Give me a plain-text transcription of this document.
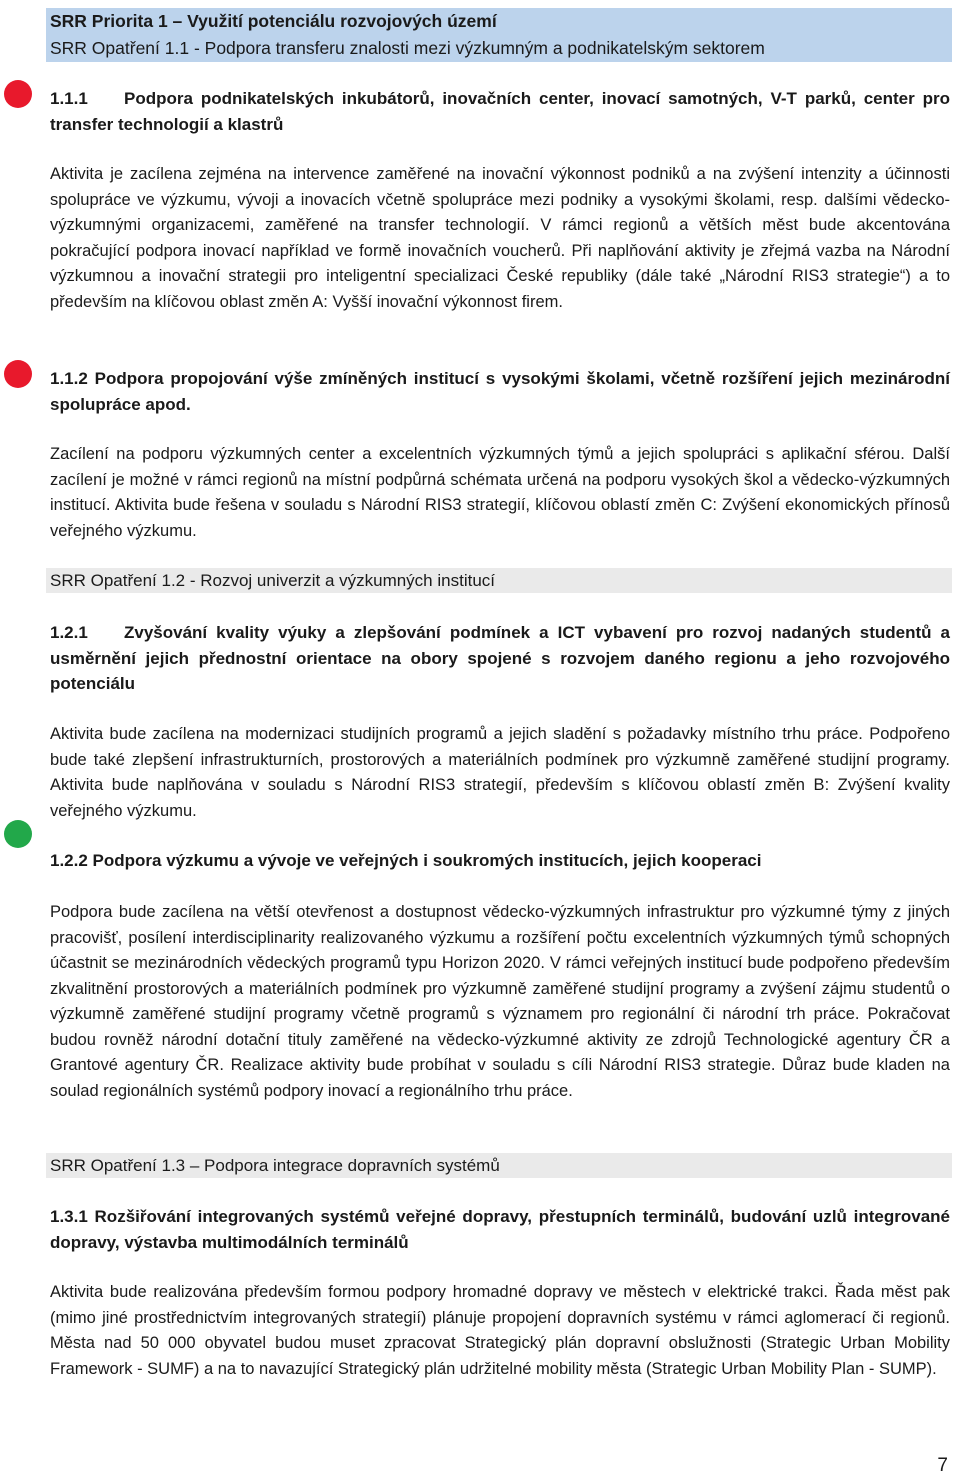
SRR Priorita 1 – Využití potenciálu rozvojových území
SRR Opatření 1.1 - Podpora transferu znalosti mezi výzkumným a podnikatelským sektorem
1.1.1 Podpora podnikatelských inkubátorů, inovačních center, inovací samotných, V-T parků, center pro transfer technologií a klastrů

Aktivita je zacílena zejména na intervence zaměřené na inovační výkonnost podniků a na zvýšení intenzity a účinnosti spolupráce ve výzkumu, vývoji a inovacích včetně spolupráce mezi podniky a vysokými školami, resp. dalšími vědecko-výzkumnými organizacemi, zaměřené na transfer technologií. V rámci regionů a větších měst bude akcentována pokračující podpora inovací například ve formě inovačních voucherů. Při naplňování aktivity je zřejmá vazba na Národní výzkumnou a inovační strategii pro inteligentní specializaci České republiky (dále také „Národní RIS3 strategie“) a to především na klíčovou oblast změn A: Vyšší inovační výkonnost firem.

1.1.2 Podpora propojování výše zmíněných institucí s vysokými školami, včetně rozšíření jejich mezinárodní spolupráce apod.

Zacílení na podporu výzkumných center a excelentních výzkumných týmů a jejich spolupráci s aplikační sférou. Další zacílení je možné v rámci regionů na místní podpůrná schémata určená na podporu vysokých škol a vědecko-výzkumných institucí. Aktivita bude řešena v souladu s Národní RIS3 strategií, klíčovou oblastí změn C: Zvýšení ekonomických přínosů veřejného výzkumu.

SRR Opatření 1.2 - Rozvoj univerzit a výzkumných institucí
1.2.1 Zvyšování kvality výuky a zlepšování podmínek a ICT vybavení pro rozvoj nadaných studentů a usměrnění jejich přednostní orientace na obory spojené s rozvojem daného regionu a jeho rozvojového potenciálu

Aktivita bude zacílena na modernizaci studijních programů a jejich sladění s požadavky místního trhu práce. Podpořeno bude také zlepšení infrastrukturních, prostorových a materiálních podmínek pro výzkumně zaměřené studijní programy. Aktivita bude naplňována v souladu s Národní RIS3 strategií, především s klíčovou oblastí změn B: Zvýšení kvality veřejného výzkumu.

1.2.2 Podpora výzkumu a vývoje ve veřejných i soukromých institucích, jejich kooperaci

Podpora bude zacílena na větší otevřenost a dostupnost vědecko-výzkumných infrastruktur pro výzkumné týmy z jiných pracovišť, posílení interdisciplinarity realizovaného výzkumu a rozšíření počtu excelentních výzkumných týmů schopných účastnit se mezinárodních vědeckých programů typu Horizon 2020. V rámci veřejných institucí bude podpořeno především zkvalitnění prostorových a materiálních podmínek pro výzkumně zaměřené studijní programy a zvýšení zájmu studentů o výzkumně zaměřené studijní programy včetně programů s významem pro regionální či národní trh práce. Pokračovat budou rovněž národní dotační tituly zaměřené na vědecko-výzkumné aktivity ze zdrojů Technologické agentury ČR a Grantové agentury ČR. Realizace aktivity bude probíhat v souladu s cíli Národní RIS3 strategie. Důraz bude kladen na soulad regionálních systémů podpory inovací a regionálního trhu práce.

SRR Opatření 1.3 – Podpora integrace dopravních systémů
1.3.1 Rozšiřování integrovaných systémů veřejné dopravy, přestupních terminálů, budování uzlů integrované dopravy, výstavba multimodálních terminálů

Aktivita bude realizována především formou podpory hromadné dopravy ve městech v elektrické trakci. Řada měst pak (mimo jiné prostřednictvím integrovaných strategií) plánuje propojení dopravních systému v rámci aglomerací či regionů. Města nad 50 000 obyvatel budou muset zpracovat Strategický plán dopravní obslužnosti (Strategic Urban Mobility Framework - SUMF) a na to navazující Strategický plán udržitelné mobility města (Strategic Urban Mobility Plan - SUMP).

7
